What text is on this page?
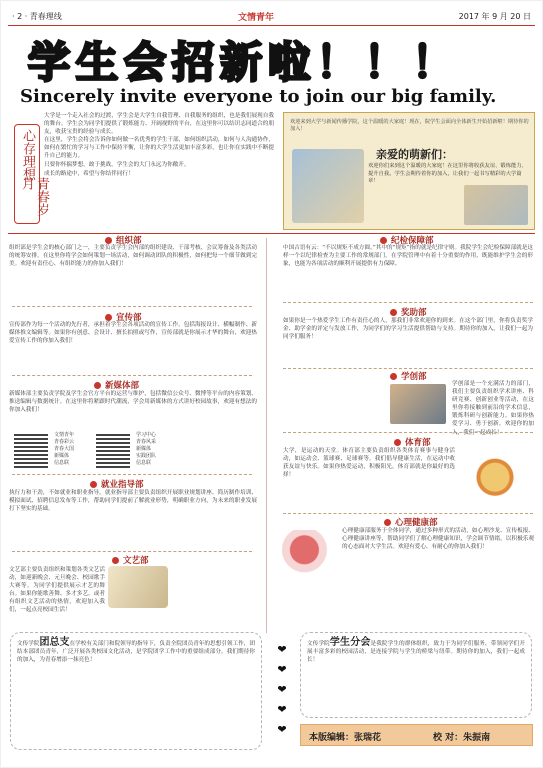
· 2 · 青春理线	文情青年	2017 年 9 月 20 日
学生会招新啦！！！
Sincerely invite everyone to join our big family.
心存理想
青春岁月

大学是一个走入社会的过渡，学生会是大学生自我管理、自我服务的组织，也是我们展现自我的舞台。学生会为同学们提供了锻炼能力、开阔视野的平台，在这里你可以结识志同道合的朋友，收获宝贵的经验与成长。

在这里，学生会将会告诉你如何做一名优秀的学生干部，如何组织活动，如何与人沟通协作，如何在繁忙的学习与工作中保持平衡，让你的大学生活更加丰富多彩，也让你在实践中不断提升自己的能力。

只要你怀揣梦想，敢于挑战，学生会的大门永远为你敞开。

成长的路途中，希望与你结伴同行！

欢迎来到大学与新闻传播学院，这个温暖的大家庭！现在，院学生会面向全体新生开始招新啦！期待你的加入！
亲爱的萌新们：
欢迎你们来到这个温暖的大家庭！在这里你将收获友谊、锻炼能力、提升自我。学生会期待着你的加入，让我们一起书写精彩的大学篇章！
组织部
组织部是学生会的核心部门之一，主要负责学生会内部的组织建设、干部考核、会议筹备及各类活动的统筹安排。在这里你将学会如何策划一场活动，如何调动团队的积极性，如何把每一个细节做到完美。欢迎有责任心、有组织能力的你加入我们！
宣传部
宣传部作为每一个活动的先行者，承担着学生会各项活动的宣传工作，包括海报设计、横幅制作、新媒体推文编辑等。如果你有创意、会设计、擅长拍照或写作，宣传部就是你展示才华的舞台，欢迎热爱宣传工作的你加入我们！
新媒体部
新媒体部主要负责学院及学生会官方平台的运营与维护，包括微信公众号、微博等平台的内容策划、推送编辑与数据统计。在这里你将紧跟时代潮流，学会用新媒体的方式讲好校园故事，欢迎有想法的你加入我们！
文情青年
青春彩云
青春大国
新媒体
信息联
学习中心
青春风采
新媒体
实践团队
信息联
就业指导部
执行力和干劲，不如就业和职业指导。就业指导部主要负责组织开展职业规划讲座、简历制作培训、模拟面试、招聘信息发布等工作，帮助同学们提前了解就业形势，明确职业方向，为未来的职业发展打下坚实的基础。
文艺部
文艺部主要负责组织和策划各类文艺活动，如迎新晚会、元旦晚会、校园歌手大赛等，为同学们提供展示才艺的舞台。如果你能歌善舞、多才多艺，或者有组织文艺活动的热情，欢迎加入我们，一起点亮校园生活！
纪检保障部
中国古语有云：“不以规矩不成方圆。”其中的“规矩”指的就是纪律守则。我院学生会纪检保障部就是这样一个以纪律检查为主要工作的常规部门。在学院管理中有着十分重要的作用，既能维护学生会的形象，也能为各项活动的顺利开展提供有力保障。
奖助部
如果你是一个热爱学生工作有责任心的人，那我们非常欢迎你的到来。在这个部门里，你将负责奖学金、助学金的评定与发放工作，为同学们的学习生活提供帮助与支持。期待你的加入，让我们一起为同学们服务！
学创部
学创部是一个充满活力的部门，我们主要负责组织学术讲座、科研竞赛、创新创业等活动，在这里你将接触到前沿的学术信息，锻炼科研与创新能力。如果你热爱学习、勇于创新，欢迎你的加入，我们一起成长！
体育部
大学，是运动的天堂。体育部主要负责组织各类体育赛事与健身活动，如运动会、篮球赛、足球赛等。我们倡导健康生活，在运动中收获友谊与快乐。如果你热爱运动，积极阳光，体育部就是你最好的选择！
心理健康部
心理健康部服务于全体同学，通过多种形式的活动，如心理沙龙、宣传板报、心理健康讲座等，帮助同学们了解心理健康知识，学会调节情绪，以积极乐观的心态面对大学生活。欢迎有爱心、有耐心的你加入我们！
文传学院团总支在学校有关部门和院领导的指导下，负责全院团员青年的思想引领工作，团结本部团员青年，广泛开展各类校园文化活动，是学院团学工作中的重要组成部分。我们期待你的加入，为青春增添一抹亮色！
❤
❤
❤
❤
❤
文传学院学生分会是我院学生的群体组织，致力于为同学们服务，带领同学们开展丰富多彩的校园活动，是连接学院与学生的桥梁与纽带。期待你的加入，我们一起成长！
本版编辑：张瑞花	校 对：朱振南
